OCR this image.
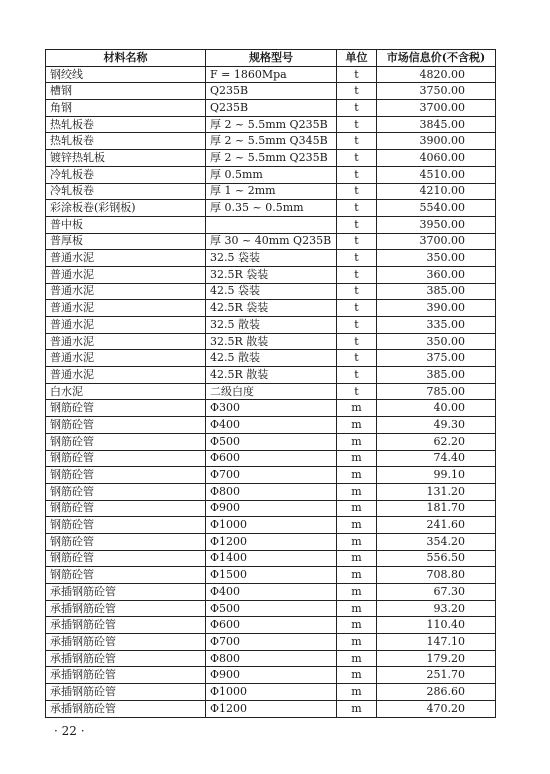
材料名称	规格型号	单位	市场信息价(不含税)
钢绞线	F = 1860Mpa	t	4820.00
槽钢	Q235B	t	3750.00
角钢	Q235B	t	3700.00
热轧板卷	厚 2 ~ 5.5mm Q235B	t	3845.00
热轧板卷	厚 2 ~ 5.5mm Q345B	t	3900.00
镀锌热轧板	厚 2 ~ 5.5mm Q235B	t	4060.00
冷轧板卷	厚 0.5mm	t	4510.00
冷轧板卷	厚 1 ~ 2mm	t	4210.00
彩涂板卷(彩钢板)	厚 0.35 ~ 0.5mm	t	5540.00
普中板		t	3950.00
普厚板	厚 30 ~ 40mm Q235B	t	3700.00
普通水泥	32.5 袋装	t	350.00
普通水泥	32.5R 袋装	t	360.00
普通水泥	42.5 袋装	t	385.00
普通水泥	42.5R 袋装	t	390.00
普通水泥	32.5 散装	t	335.00
普通水泥	32.5R 散装	t	350.00
普通水泥	42.5 散装	t	375.00
普通水泥	42.5R 散装	t	385.00
白水泥	二级白度	t	785.00
钢筋砼管	Φ300	m	40.00
钢筋砼管	Φ400	m	49.30
钢筋砼管	Φ500	m	62.20
钢筋砼管	Φ600	m	74.40
钢筋砼管	Φ700	m	99.10
钢筋砼管	Φ800	m	131.20
钢筋砼管	Φ900	m	181.70
钢筋砼管	Φ1000	m	241.60
钢筋砼管	Φ1200	m	354.20
钢筋砼管	Φ1400	m	556.50
钢筋砼管	Φ1500	m	708.80
承插钢筋砼管	Φ400	m	67.30
承插钢筋砼管	Φ500	m	93.20
承插钢筋砼管	Φ600	m	110.40
承插钢筋砼管	Φ700	m	147.10
承插钢筋砼管	Φ800	m	179.20
承插钢筋砼管	Φ900	m	251.70
承插钢筋砼管	Φ1000	m	286.60
承插钢筋砼管	Φ1200	m	470.20
· 22 ·
